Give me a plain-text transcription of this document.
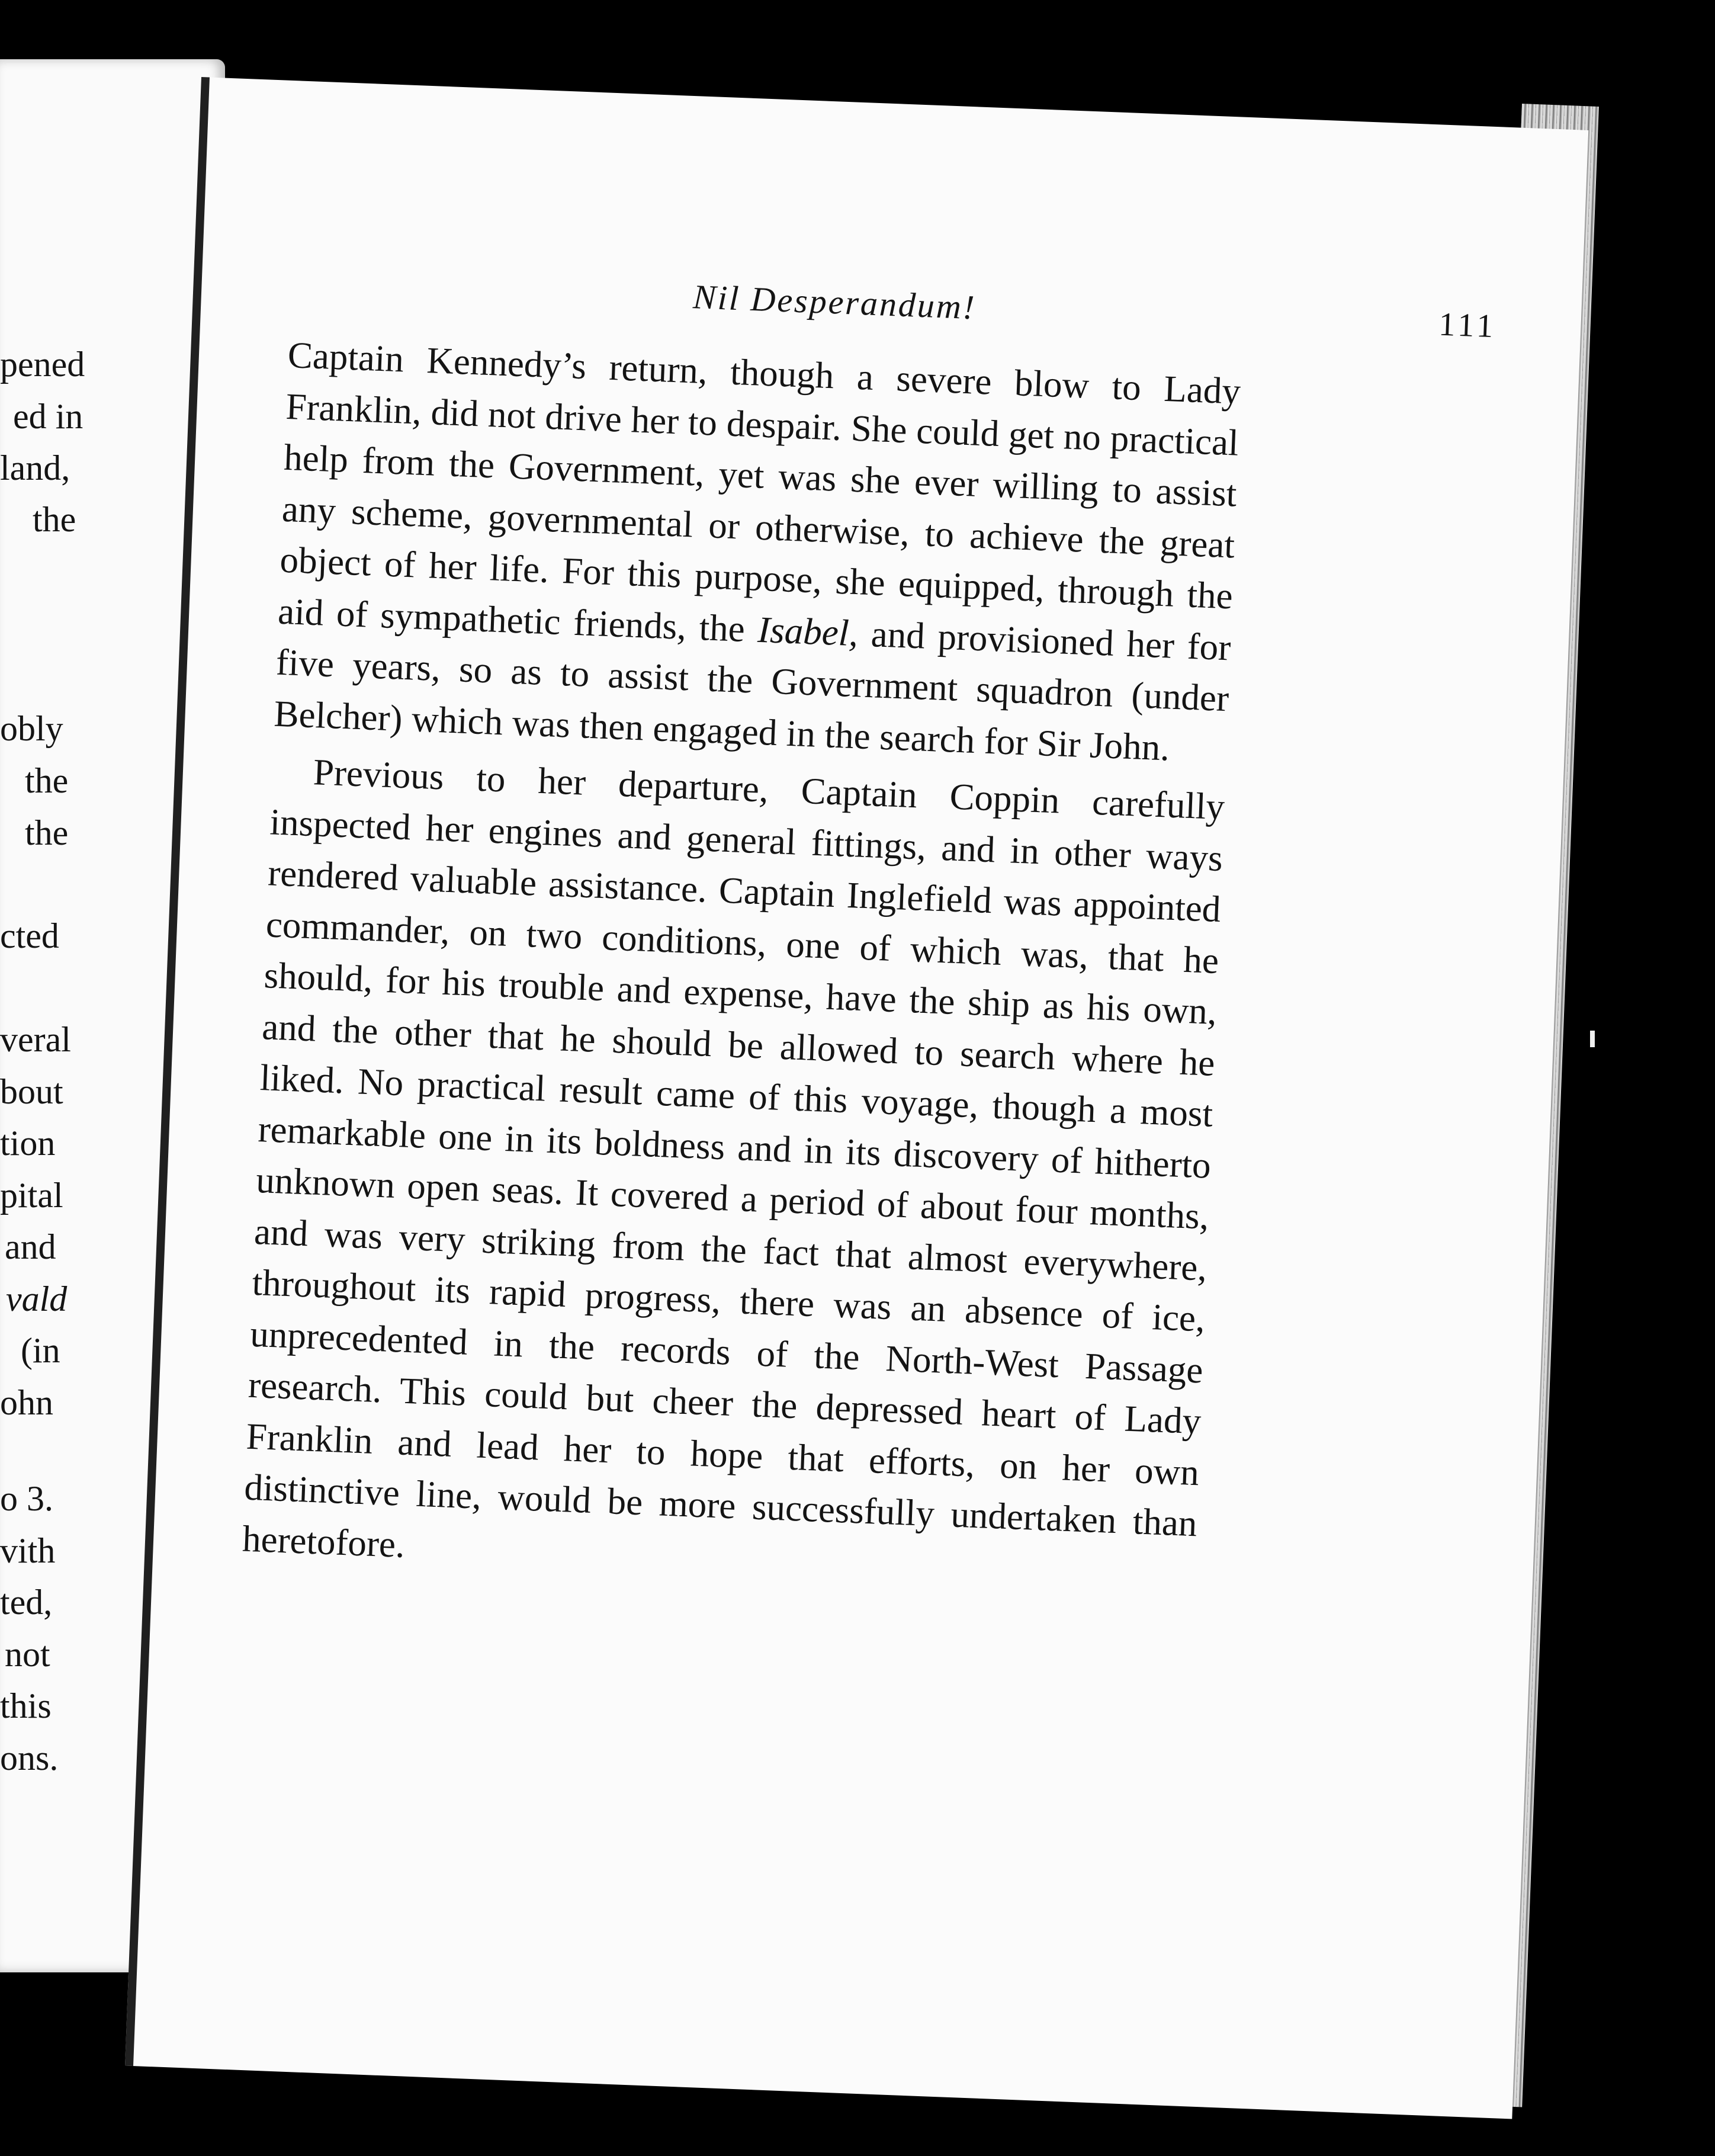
pened
ed in
land,
the
obly
the
the
cted
veral
bout
tion
pital
and
vald
(in
ohn
o 3.
vith
ted,
not
this
ons.
Nil Desperandum!	111

Captain Kennedy’s return, though a severe blow to Lady Franklin, did not drive her to despair. She could get no practical help from the Government, yet was she ever willing to assist any scheme, governmental or otherwise, to achieve the great object of her life. For this purpose, she equipped, through the aid of sympathetic friends, the Isabel, and provisioned her for five years, so as to assist the Government squadron (under Belcher) which was then engaged in the search for Sir John.

Previous to her departure, Captain Coppin carefully inspected her engines and general fittings, and in other ways rendered valuable assistance. Captain Inglefield was appointed commander, on two conditions, one of which was, that he should, for his trouble and expense, have the ship as his own, and the other that he should be allowed to search where he liked. No practical result came of this voyage, though a most remarkable one in its boldness and in its discovery of hitherto unknown open seas. It covered a period of about four months, and was very striking from the fact that almost everywhere, throughout its rapid progress, there was an absence of ice, unprecedented in the records of the North-West Passage research. This could but cheer the depressed heart of Lady Franklin and lead her to hope that efforts, on her own distinctive line, would be more successfully undertaken than heretofore.
